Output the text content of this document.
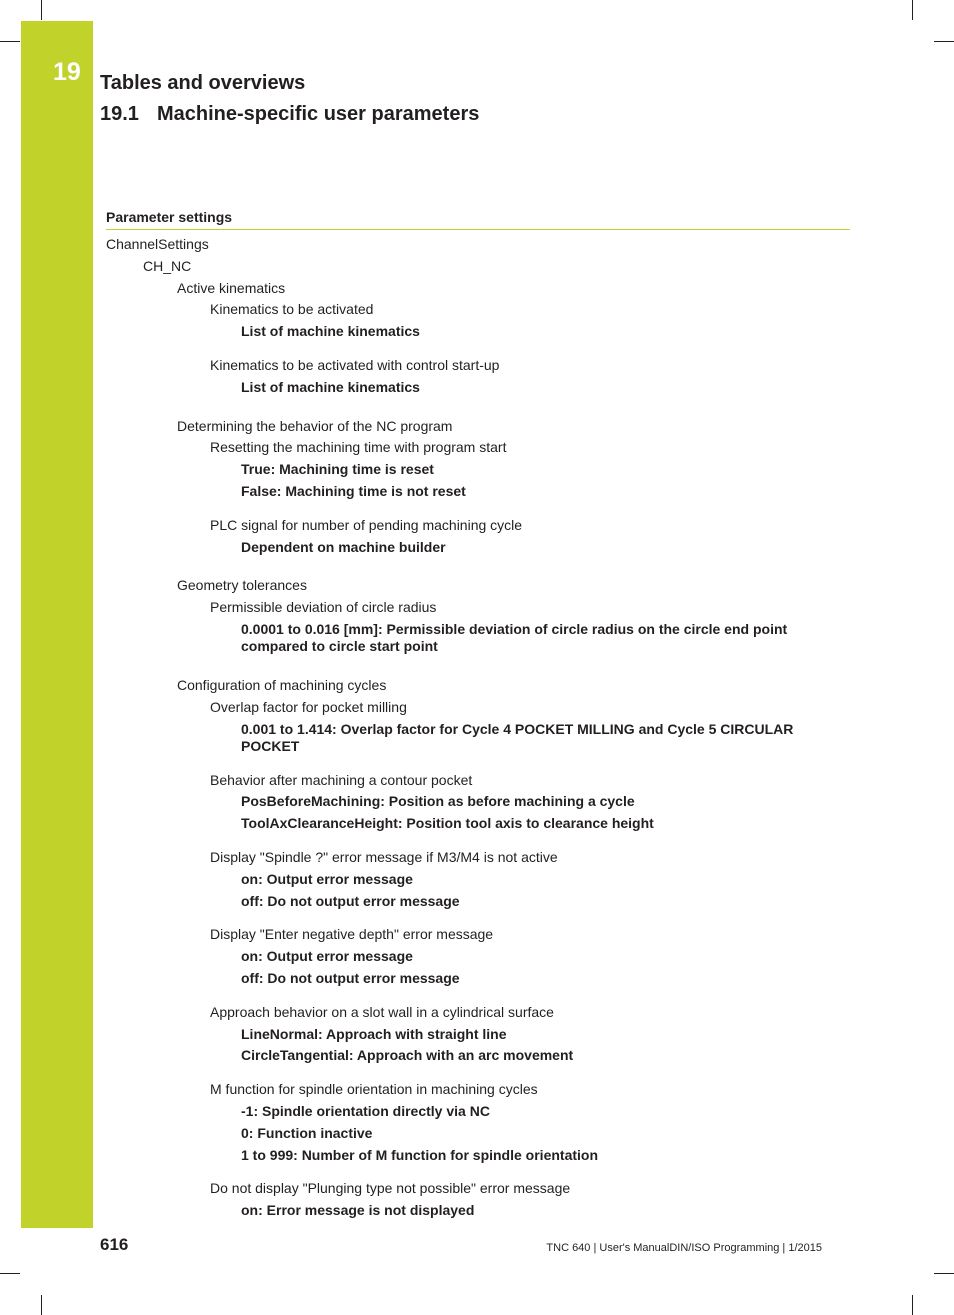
19 Tables and overviews
19.1 Machine-specific user parameters
Parameter settings
ChannelSettings
CH_NC
Active kinematics
Kinematics to be activated
List of machine kinematics
Kinematics to be activated with control start-up
List of machine kinematics
Determining the behavior of the NC program
Resetting the machining time with program start
True: Machining time is reset
False: Machining time is not reset
PLC signal for number of pending machining cycle
Dependent on machine builder
Geometry tolerances
Permissible deviation of circle radius
0.0001 to 0.016 [mm]: Permissible deviation of circle radius on the circle end point compared to circle start point
Configuration of machining cycles
Overlap factor for pocket milling
0.001 to 1.414: Overlap factor for Cycle 4 POCKET MILLING and Cycle 5 CIRCULAR POCKET
Behavior after machining a contour pocket
PosBeforeMachining: Position as before machining a cycle
ToolAxClearanceHeight: Position tool axis to clearance height
Display "Spindle ?" error message if M3/M4 is not active
on: Output error message
off: Do not output error message
Display "Enter negative depth" error message
on: Output error message
off: Do not output error message
Approach behavior on a slot wall in a cylindrical surface
LineNormal: Approach with straight line
CircleTangential: Approach with an arc movement
M function for spindle orientation in machining cycles
-1: Spindle orientation directly via NC
0: Function inactive
1 to 999: Number of M function for spindle orientation
Do not display "Plunging type not possible" error message
on: Error message is not displayed
616	TNC 640 | User's ManualDIN/ISO Programming | 1/2015
